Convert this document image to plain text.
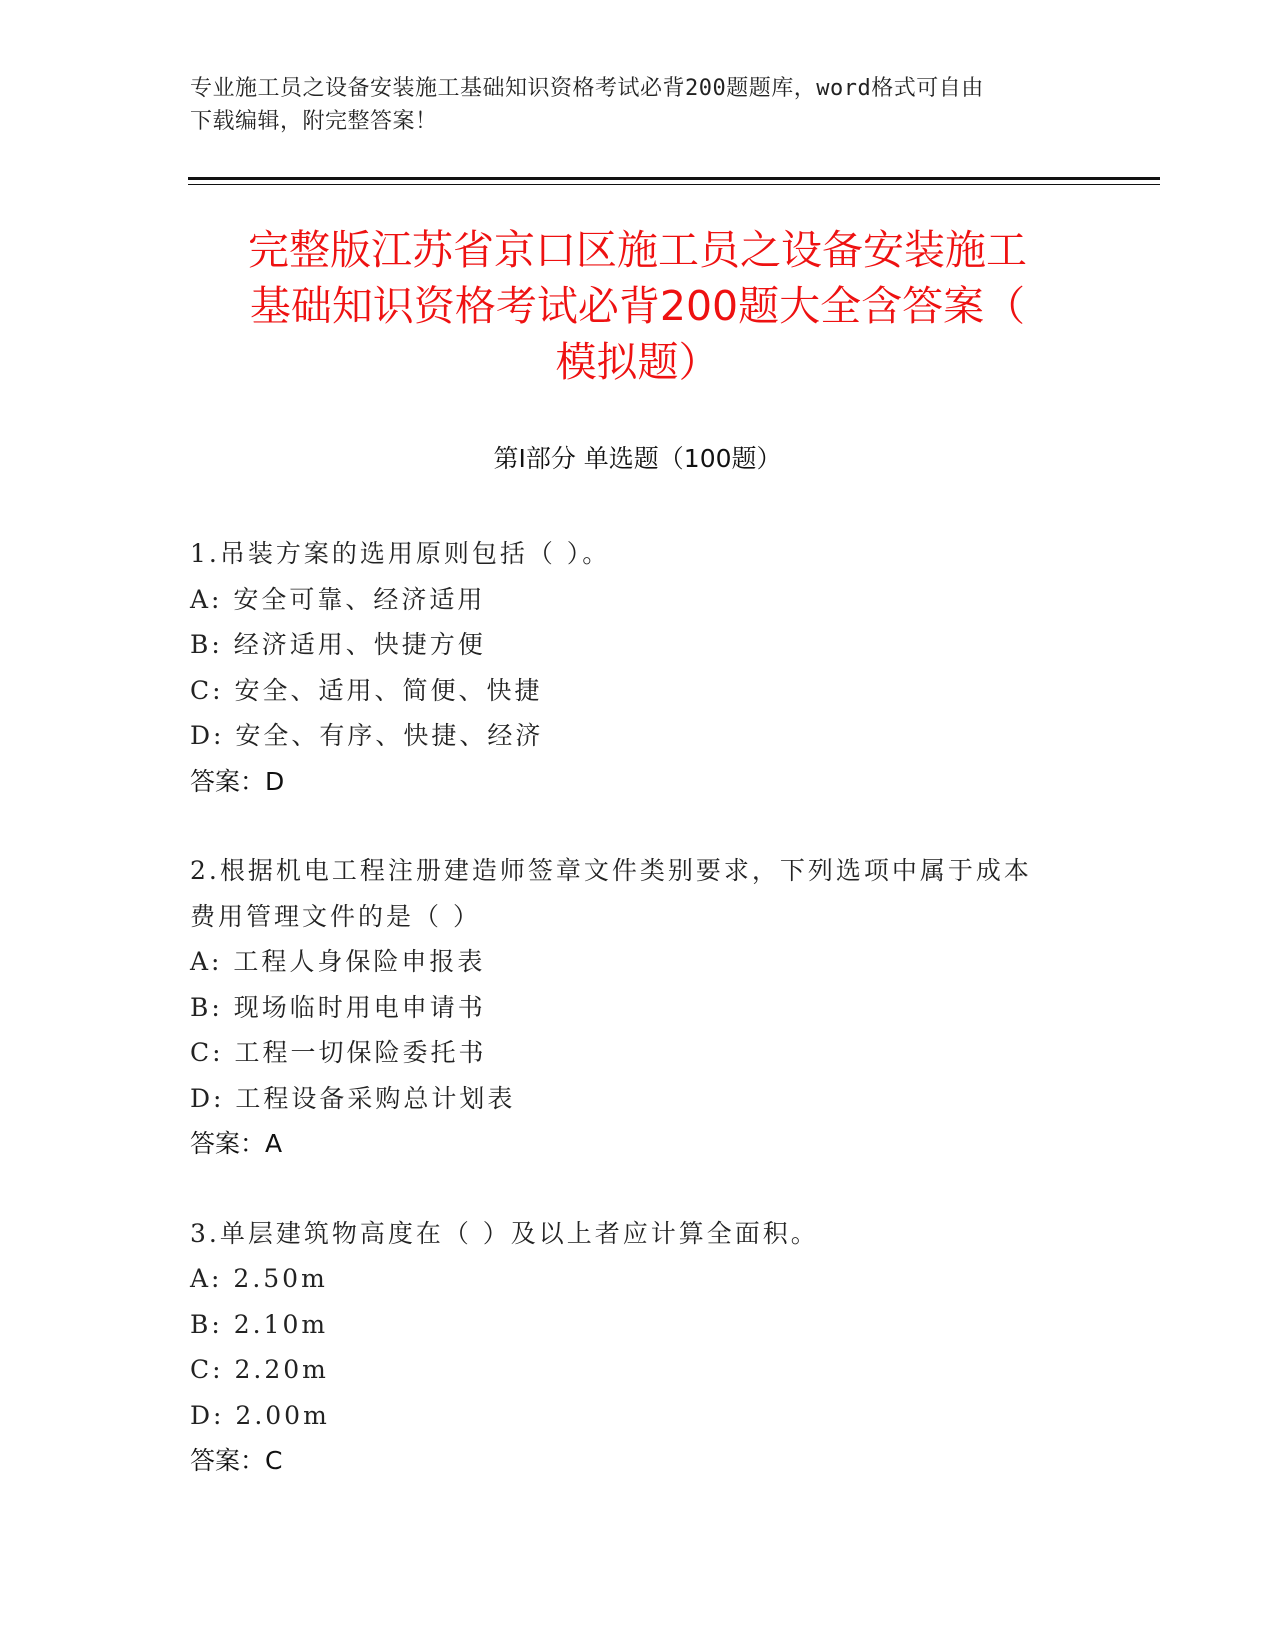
专业施工员之设备安装施工基础知识资格考试必背200题题库，word格式可自由
下载编辑，附完整答案！
完整版江苏省京口区施工员之设备安装施工
基础知识资格考试必背200题大全含答案（
模拟题）
第I部分 单选题（100题）
1.吊装方案的选用原则包括（ ）。
A: 安全可靠、经济适用
B: 经济适用、快捷方便
C: 安全、适用、简便、快捷
D: 安全、有序、快捷、经济
答案：D
2.根据机电工程注册建造师签章文件类别要求，下列选项中属于成本
费用管理文件的是（ ）
A: 工程人身保险申报表
B: 现场临时用电申请书
C: 工程一切保险委托书
D: 工程设备采购总计划表
答案：A
3.单层建筑物高度在（ ）及以上者应计算全面积。
A: 2.50m
B: 2.10m
C: 2.20m
D: 2.00m
答案：C
